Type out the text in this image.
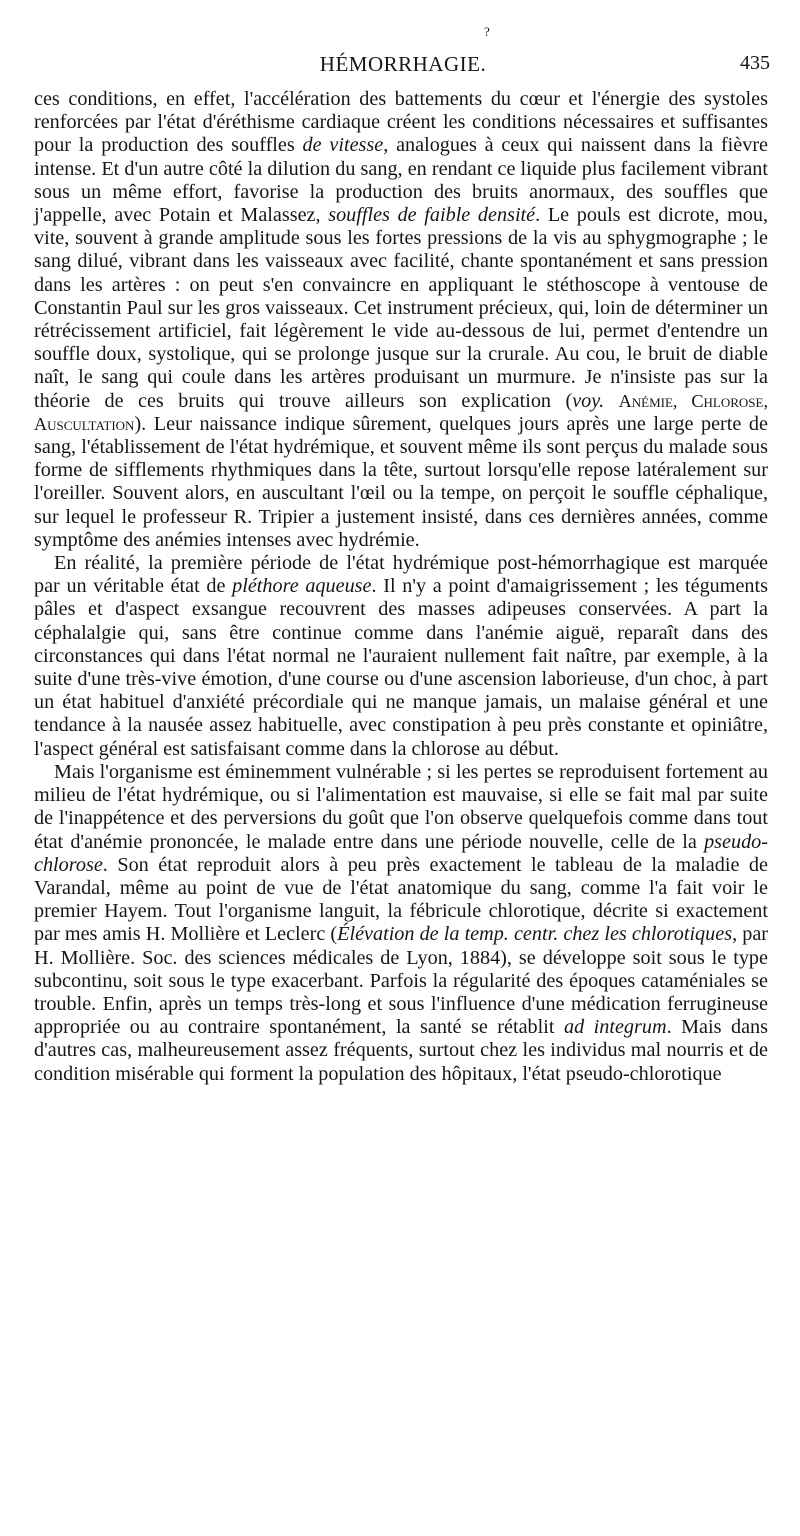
?
HÉMORRHAGIE.	435

ces conditions, en effet, l'accélération des battements du cœur et l'énergie des systoles renforcées par l'état d'éréthisme cardiaque créent les conditions nécessaires et suffisantes pour la production des souffles de vitesse, analogues à ceux qui naissent dans la fièvre intense. Et d'un autre côté la dilution du sang, en rendant ce liquide plus facilement vibrant sous un même effort, favorise la production des bruits anormaux, des souffles que j'appelle, avec Potain et Malassez, souffles de faible densité. Le pouls est dicrote, mou, vite, souvent à grande amplitude sous les fortes pressions de la vis au sphygmographe ; le sang dilué, vibrant dans les vaisseaux avec facilité, chante spontanément et sans pression dans les artères : on peut s'en convaincre en appliquant le stéthoscope à ventouse de Constantin Paul sur les gros vaisseaux. Cet instrument précieux, qui, loin de déterminer un rétrécissement artificiel, fait légèrement le vide au-dessous de lui, permet d'entendre un souffle doux, systolique, qui se prolonge jusque sur la crurale. Au cou, le bruit de diable naît, le sang qui coule dans les artères produisant un murmure. Je n'insiste pas sur la théorie de ces bruits qui trouve ailleurs son explication (voy. Anémie, Chlorose, Auscultation). Leur naissance indique sûrement, quelques jours après une large perte de sang, l'établissement de l'état hydrémique, et souvent même ils sont perçus du malade sous forme de sifflements rhythmiques dans la tête, surtout lorsqu'elle repose latéralement sur l'oreiller. Souvent alors, en auscultant l'œil ou la tempe, on perçoit le souffle céphalique, sur lequel le professeur R. Tripier a justement insisté, dans ces dernières années, comme symptôme des anémies intenses avec hydrémie.

En réalité, la première période de l'état hydrémique post-hémorrhagique est marquée par un véritable état de pléthore aqueuse. Il n'y a point d'amaigrissement ; les téguments pâles et d'aspect exsangue recouvrent des masses adipeuses conservées. A part la céphalalgie qui, sans être continue comme dans l'anémie aiguë, reparaît dans des circonstances qui dans l'état normal ne l'auraient nullement fait naître, par exemple, à la suite d'une très-vive émotion, d'une course ou d'une ascension laborieuse, d'un choc, à part un état habituel d'anxiété précordiale qui ne manque jamais, un malaise général et une tendance à la nausée assez habituelle, avec constipation à peu près constante et opiniâtre, l'aspect général est satisfaisant comme dans la chlorose au début.

Mais l'organisme est éminemment vulnérable ; si les pertes se reproduisent fortement au milieu de l'état hydrémique, ou si l'alimentation est mauvaise, si elle se fait mal par suite de l'inappétence et des perversions du goût que l'on observe quelquefois comme dans tout état d'anémie prononcée, le malade entre dans une période nouvelle, celle de la pseudo-chlorose. Son état reproduit alors à peu près exactement le tableau de la maladie de Varandal, même au point de vue de l'état anatomique du sang, comme l'a fait voir le premier Hayem. Tout l'organisme languit, la fébricule chlorotique, décrite si exactement par mes amis H. Mollière et Leclerc (Élévation de la temp. centr. chez les chlorotiques, par H. Mollière. Soc. des sciences médicales de Lyon, 1884), se développe soit sous le type subcontinu, soit sous le type exacerbant. Parfois la régularité des époques cataméniales se trouble. Enfin, après un temps très-long et sous l'influence d'une médication ferrugineuse appropriée ou au contraire spontanément, la santé se rétablit ad integrum. Mais dans d'autres cas, malheureusement assez fréquents, surtout chez les individus mal nourris et de condition misérable qui forment la population des hôpitaux, l'état pseudo-chlorotique
